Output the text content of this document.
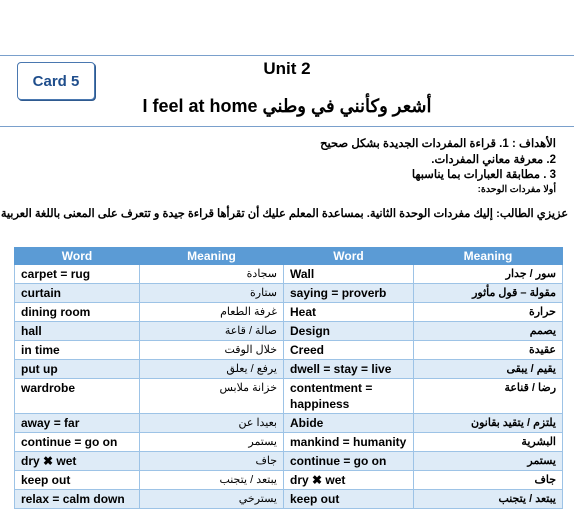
Card 5
Unit 2
I feel at home أشعر وكأنني في وطني
الأهداف : 1. قراءة المفردات الجديدة بشكل صحيح
2. معرفة معاني المفردات.
3 . مطابقة العبارات بما يناسبها
أولا مفردات الوحدة:
عزيزي الطالب: إليك مفردات الوحدة الثانية. بمساعدة المعلم عليك أن تقرأها قراءة جيدة و تتعرف على المعنى باللغة العربية
Word	Meaning	Word	Meaning
carpet = rug	سجادة	Wall	سور / جدار
curtain	ستارة	saying = proverb	مقولة – قول مأثور
dining room	غرفة الطعام	Heat	حرارة
hall	صالة / قاعة	Design	يصمم
in time	خلال الوقت	Creed	عقيدة
put up	يرفع / يعلق	dwell = stay = live	يقيم / يبقى
wardrobe	خزانة ملابس	contentment = happiness	رضا / قناعة
away = far	بعيدا عن	Abide	يلتزم / يتقيد بقانون
continue = go on	يستمر	mankind = humanity	البشرية
dry ✖ wet	جاف	continue = go on	يستمر
keep out	يبتعد / يتجنب	dry ✖ wet	جاف
relax = calm down	يسترخي	keep out	يبتعد / يتجنب
